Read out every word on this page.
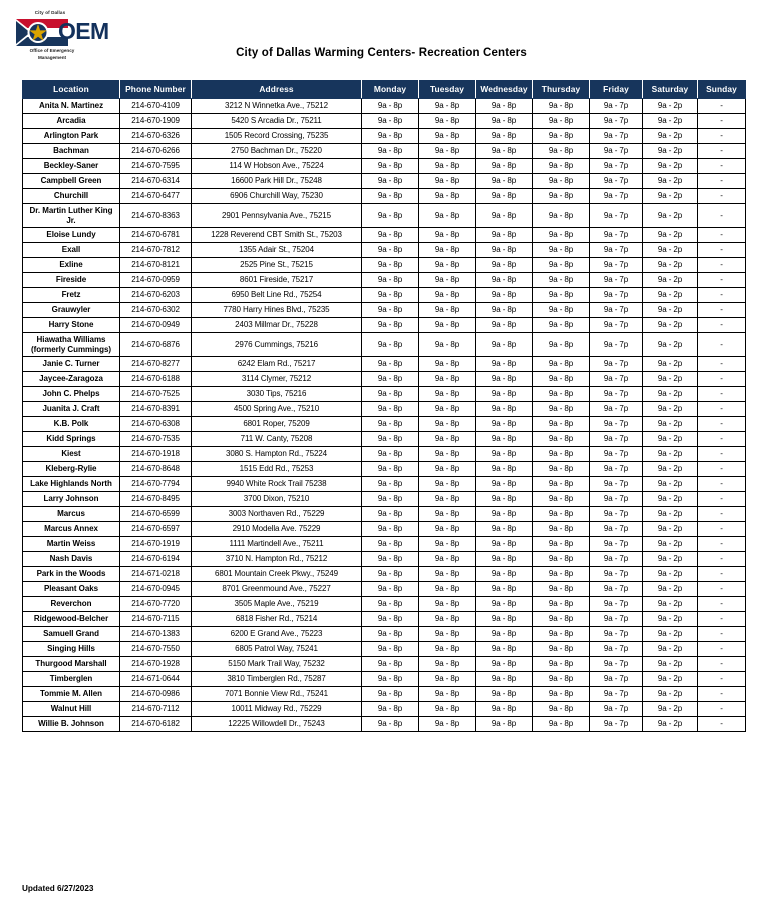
City of Dallas
OEM
Office of Emergency
Management	City of Dallas Warming Centers- Recreation Centers
Location	Phone Number	Address	Monday	Tuesday	Wednesday	Thursday	Friday	Saturday	Sunday
Anita N. Martinez	214-670-4109	3212 N Winnetka Ave., 75212	9a - 8p	9a - 8p	9a - 8p	9a - 8p	9a - 7p	9a - 2p	-
Arcadia	214-670-1909	5420 S Arcadia Dr., 75211	9a - 8p	9a - 8p	9a - 8p	9a - 8p	9a - 7p	9a - 2p	-
Arlington Park	214-670-6326	1505 Record Crossing, 75235	9a - 8p	9a - 8p	9a - 8p	9a - 8p	9a - 7p	9a - 2p	-
Bachman	214-670-6266	2750 Bachman Dr., 75220	9a - 8p	9a - 8p	9a - 8p	9a - 8p	9a - 7p	9a - 2p	-
Beckley-Saner	214-670-7595	114 W Hobson Ave., 75224	9a - 8p	9a - 8p	9a - 8p	9a - 8p	9a - 7p	9a - 2p	-
Campbell Green	214-670-6314	16600 Park Hill Dr., 75248	9a - 8p	9a - 8p	9a - 8p	9a - 8p	9a - 7p	9a - 2p	-
Churchill	214-670-6477	6906 Churchill Way, 75230	9a - 8p	9a - 8p	9a - 8p	9a - 8p	9a - 7p	9a - 2p	-
Dr. Martin Luther King Jr.	214-670-8363	2901 Pennsylvania Ave., 75215	9a - 8p	9a - 8p	9a - 8p	9a - 8p	9a - 7p	9a - 2p	-
Eloise Lundy	214-670-6781	1228 Reverend CBT Smith St., 75203	9a - 8p	9a - 8p	9a - 8p	9a - 8p	9a - 7p	9a - 2p	-
Exall	214-670-7812	1355 Adair St., 75204	9a - 8p	9a - 8p	9a - 8p	9a - 8p	9a - 7p	9a - 2p	-
Exline	214-670-8121	2525 Pine St., 75215	9a - 8p	9a - 8p	9a - 8p	9a - 8p	9a - 7p	9a - 2p	-
Fireside	214-670-0959	8601 Fireside, 75217	9a - 8p	9a - 8p	9a - 8p	9a - 8p	9a - 7p	9a - 2p	-
Fretz	214-670-6203	6950 Belt Line Rd., 75254	9a - 8p	9a - 8p	9a - 8p	9a - 8p	9a - 7p	9a - 2p	-
Grauwyler	214-670-6302	7780 Harry Hines Blvd., 75235	9a - 8p	9a - 8p	9a - 8p	9a - 8p	9a - 7p	9a - 2p	-
Harry Stone	214-670-0949	2403 Millmar Dr., 75228	9a - 8p	9a - 8p	9a - 8p	9a - 8p	9a - 7p	9a - 2p	-
Hiawatha Williams (formerly Cummings)	214-670-6876	2976 Cummings, 75216	9a - 8p	9a - 8p	9a - 8p	9a - 8p	9a - 7p	9a - 2p	-
Janie C. Turner	214-670-8277	6242 Elam Rd., 75217	9a - 8p	9a - 8p	9a - 8p	9a - 8p	9a - 7p	9a - 2p	-
Jaycee-Zaragoza	214-670-6188	3114 Clymer, 75212	9a - 8p	9a - 8p	9a - 8p	9a - 8p	9a - 7p	9a - 2p	-
John C. Phelps	214-670-7525	3030 Tips, 75216	9a - 8p	9a - 8p	9a - 8p	9a - 8p	9a - 7p	9a - 2p	-
Juanita J. Craft	214-670-8391	4500 Spring Ave., 75210	9a - 8p	9a - 8p	9a - 8p	9a - 8p	9a - 7p	9a - 2p	-
K.B. Polk	214-670-6308	6801 Roper, 75209	9a - 8p	9a - 8p	9a - 8p	9a - 8p	9a - 7p	9a - 2p	-
Kidd Springs	214-670-7535	711 W. Canty, 75208	9a - 8p	9a - 8p	9a - 8p	9a - 8p	9a - 7p	9a - 2p	-
Kiest	214-670-1918	3080 S. Hampton Rd., 75224	9a - 8p	9a - 8p	9a - 8p	9a - 8p	9a - 7p	9a - 2p	-
Kleberg-Rylie	214-670-8648	1515 Edd Rd., 75253	9a - 8p	9a - 8p	9a - 8p	9a - 8p	9a - 7p	9a - 2p	-
Lake Highlands North	214-670-7794	9940 White Rock Trail 75238	9a - 8p	9a - 8p	9a - 8p	9a - 8p	9a - 7p	9a - 2p	-
Larry Johnson	214-670-8495	3700 Dixon, 75210	9a - 8p	9a - 8p	9a - 8p	9a - 8p	9a - 7p	9a - 2p	-
Marcus	214-670-6599	3003 Northaven Rd., 75229	9a - 8p	9a - 8p	9a - 8p	9a - 8p	9a - 7p	9a - 2p	-
Marcus Annex	214-670-6597	2910 Modella Ave. 75229	9a - 8p	9a - 8p	9a - 8p	9a - 8p	9a - 7p	9a - 2p	-
Martin Weiss	214-670-1919	1111 Martindell Ave., 75211	9a - 8p	9a - 8p	9a - 8p	9a - 8p	9a - 7p	9a - 2p	-
Nash Davis	214-670-6194	3710 N. Hampton Rd., 75212	9a - 8p	9a - 8p	9a - 8p	9a - 8p	9a - 7p	9a - 2p	-
Park in the Woods	214-671-0218	6801 Mountain Creek Pkwy., 75249	9a - 8p	9a - 8p	9a - 8p	9a - 8p	9a - 7p	9a - 2p	-
Pleasant Oaks	214-670-0945	8701 Greenmound Ave., 75227	9a - 8p	9a - 8p	9a - 8p	9a - 8p	9a - 7p	9a - 2p	-
Reverchon	214-670-7720	3505 Maple Ave., 75219	9a - 8p	9a - 8p	9a - 8p	9a - 8p	9a - 7p	9a - 2p	-
Ridgewood-Belcher	214-670-7115	6818 Fisher Rd., 75214	9a - 8p	9a - 8p	9a - 8p	9a - 8p	9a - 7p	9a - 2p	-
Samuell Grand	214-670-1383	6200 E Grand Ave., 75223	9a - 8p	9a - 8p	9a - 8p	9a - 8p	9a - 7p	9a - 2p	-
Singing Hills	214-670-7550	6805 Patrol Way, 75241	9a - 8p	9a - 8p	9a - 8p	9a - 8p	9a - 7p	9a - 2p	-
Thurgood Marshall	214-670-1928	5150 Mark Trail Way, 75232	9a - 8p	9a - 8p	9a - 8p	9a - 8p	9a - 7p	9a - 2p	-
Timberglen	214-671-0644	3810 Timberglen Rd., 75287	9a - 8p	9a - 8p	9a - 8p	9a - 8p	9a - 7p	9a - 2p	-
Tommie M. Allen	214-670-0986	7071 Bonnie View Rd., 75241	9a - 8p	9a - 8p	9a - 8p	9a - 8p	9a - 7p	9a - 2p	-
Walnut Hill	214-670-7112	10011 Midway Rd., 75229	9a - 8p	9a - 8p	9a - 8p	9a - 8p	9a - 7p	9a - 2p	-
Willie B. Johnson	214-670-6182	12225 Willowdell Dr., 75243	9a - 8p	9a - 8p	9a - 8p	9a - 8p	9a - 7p	9a - 2p	-
Updated 6/27/2023
